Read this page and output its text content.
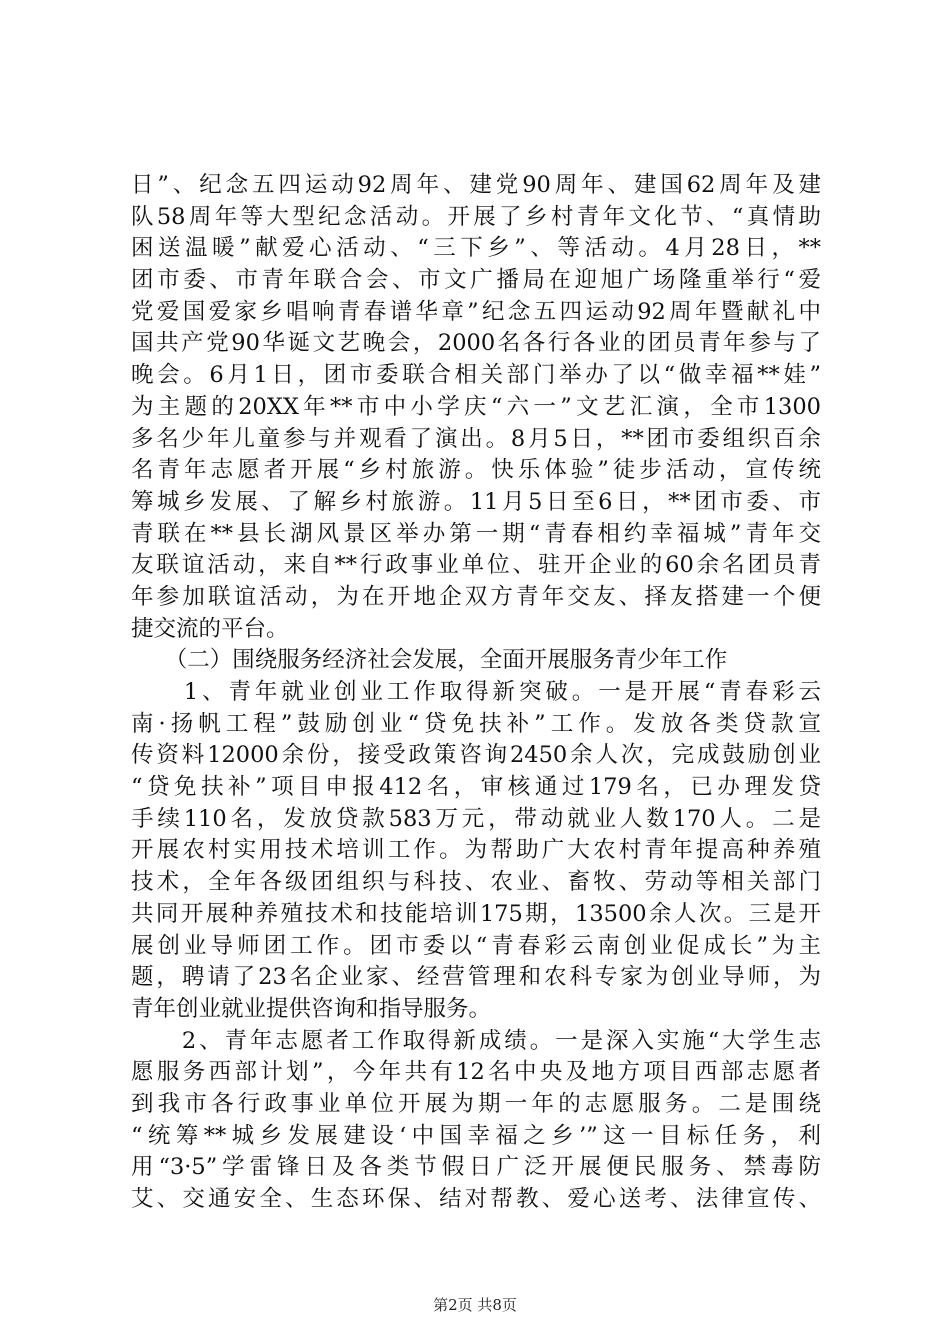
日”、纪念五四运动92周年、建党90周年、建国62周年及建
队58周年等大型纪念活动。开展了乡村青年文化节、“真情助
困送温暖”献爱心活动、“三下乡”、等活动。4月28日，**
团市委、市青年联合会、市文广播局在迎旭广场隆重举行“爱
党爱国爱家乡唱响青春谱华章”纪念五四运动92周年暨献礼中
国共产党90华诞文艺晚会，2000名各行各业的团员青年参与了
晚会。6月1日，团市委联合相关部门举办了以“做幸福**娃”
为主题的20XX年**市中小学庆“六一”文艺汇演，全市1300
多名少年儿童参与并观看了演出。8月5日，**团市委组织百余
名青年志愿者开展“乡村旅游。快乐体验”徒步活动，宣传统
筹城乡发展、了解乡村旅游。11月5日至6日，**团市委、市
青联在**县长湖风景区举办第一期“青春相约幸福城”青年交
友联谊活动，来自**行政事业单位、驻开企业的60余名团员青
年参加联谊活动，为在开地企双方青年交友、择友搭建一个便
捷交流的平台。
　　（二）围绕服务经济社会发展，全面开展服务青少年工作
　　1、青年就业创业工作取得新突破。一是开展“青春彩云
南·扬帆工程”鼓励创业“贷免扶补”工作。发放各类贷款宣
传资料12000余份，接受政策咨询2450余人次，完成鼓励创业
“贷免扶补”项目申报412名，审核通过179名，已办理发贷
手续110名，发放贷款583万元，带动就业人数170人。二是
开展农村实用技术培训工作。为帮助广大农村青年提高种养殖
技术，全年各级团组织与科技、农业、畜牧、劳动等相关部门
共同开展种养殖技术和技能培训175期，13500余人次。三是开
展创业导师团工作。团市委以“青春彩云南创业促成长”为主
题，聘请了23名企业家、经营管理和农科专家为创业导师，为
青年创业就业提供咨询和指导服务。
　　2、青年志愿者工作取得新成绩。一是深入实施“大学生志
愿服务西部计划”，今年共有12名中央及地方项目西部志愿者
到我市各行政事业单位开展为期一年的志愿服务。二是围绕
“统筹**城乡发展建设‘中国幸福之乡’”这一目标任务，利
用“3·5”学雷锋日及各类节假日广泛开展便民服务、禁毒防
艾、交通安全、生态环保、结对帮教、爱心送考、法律宣传、
第2页 共8页
